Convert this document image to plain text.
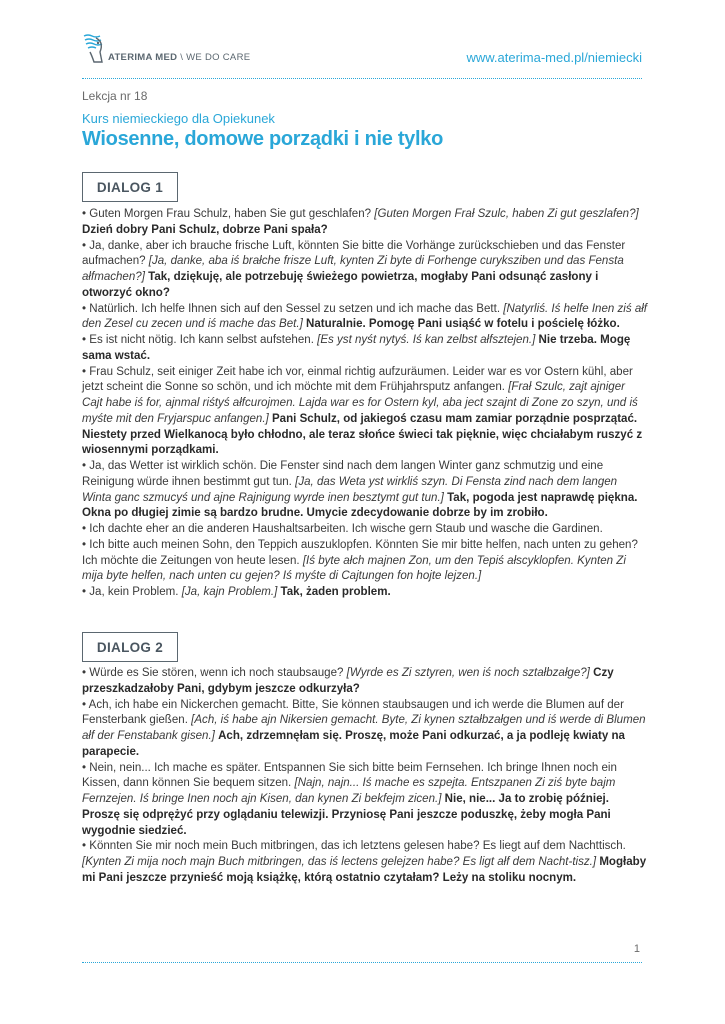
ATERIMA MED \ WE DO CARE	www.aterima-med.pl/niemiecki
Lekcja nr 18
Kurs niemieckiego dla Opiekunek
Wiosenne, domowe porządki i nie tylko
DIALOG 1

• Guten Morgen Frau Schulz, haben Sie gut geschlafen? [Guten Morgen Frał Szulc, haben Zi gut geszlafen?] Dzień dobry Pani Schulz, dobrze Pani spała?

• Ja, danke, aber ich brauche frische Luft, könnten Sie bitte die Vorhänge zurückschieben und das Fenster aufmachen? [Ja, danke, aba iś brałche frisze Luft, kynten Zi byte di Forhenge curyksziben und das Fensta ałfmachen?] Tak, dziękuję, ale potrzebuję świeżego powietrza, mogłaby Pani odsunąć zasłony i otworzyć okno?

• Natürlich. Ich helfe Ihnen sich auf den Sessel zu setzen und ich mache das Bett. [Natyrliś. Iś helfe Inen ziś ałf den Zesel cu zecen und iś mache das Bet.] Naturalnie. Pomogę Pani usiąść w fotelu i pościelę łóżko.

• Es ist nicht nötig. Ich kann selbst aufstehen. [Es yst nyśt nytyś. Iś kan zelbst ałfsztejen.] Nie trzeba. Mogę sama wstać.

• Frau Schulz, seit einiger Zeit habe ich vor, einmal richtig aufzuräumen. Leider war es vor Ostern kühl, aber jetzt scheint die Sonne so schön, und ich möchte mit dem Frühjahrsputz anfangen. [Frał Szulc, zajt ajniger Cajt habe iś for, ajnmal riśtyś ałfcurojmen. Lajda war es for Ostern kyl, aba ject szajnt di Zone zo szyn, und iś myśte mit den Fryjarspuc anfangen.] Pani Schulz, od jakiegoś czasu mam zamiar porządnie posprzątać. Niestety przed Wielkanocą było chłodno, ale teraz słońce świeci tak pięknie, więc chciałabym ruszyć z wiosennymi porządkami.

• Ja, das Wetter ist wirklich schön. Die Fenster sind nach dem langen Winter ganz schmutzig und eine Reinigung würde ihnen bestimmt gut tun. [Ja, das Weta yst wirkliś szyn. Di Fensta zind nach dem langen Winta ganc szmucyś und ajne Rajnigung wyrde inen besztymt gut tun.] Tak, pogoda jest naprawdę piękna. Okna po długiej zimie są bardzo brudne. Umycie zdecydowanie dobrze by im zrobiło.

• Ich dachte eher an die anderen Haushaltsarbeiten. Ich wische gern Staub und wasche die Gardinen.

• Ich bitte auch meinen Sohn, den Teppich auszuklopfen. Könnten Sie mir bitte helfen, nach unten zu gehen? Ich möchte die Zeitungen von heute lesen. [Iś byte ałch majnen Zon, um den Tepiś ałscyklopfen. Kynten Zi mija byte helfen, nach unten cu gejen? Iś myśte di Cajtungen fon hojte lejzen.]

• Ja, kein Problem. [Ja, kajn Problem.] Tak, żaden problem.

DIALOG 2

• Würde es Sie stören, wenn ich noch staubsauge? [Wyrde es Zi sztyren, wen iś noch ształbzałge?] Czy przeszkadzałoby Pani, gdybym jeszcze odkurzyła?

• Ach, ich habe ein Nickerchen gemacht. Bitte, Sie können staubsaugen und ich werde die Blumen auf der Fensterbank gießen. [Ach, iś habe ajn Nikersien gemacht. Byte, Zi kynen ształbzałgen und iś werde di Blumen ałf der Fenstabank gisen.] Ach, zdrzemnęłam się. Proszę, może Pani odkurzać, a ja podleję kwiaty na parapecie.

• Nein, nein... Ich mache es später. Entspannen Sie sich bitte beim Fernsehen. Ich bringe Ihnen noch ein Kissen, dann können Sie bequem sitzen. [Najn, najn... Iś mache es szpejta. Entszpanen Zi ziś byte bajm Fernzejen. Iś bringe Inen noch ajn Kisen, dan kynen Zi bekfejm zicen.] Nie, nie... Ja to zrobię później. Proszę się odprężyć przy oglądaniu telewizji. Przyniosę Pani jeszcze poduszkę, żeby mogła Pani wygodnie siedzieć.

• Könnten Sie mir noch mein Buch mitbringen, das ich letztens gelesen habe? Es liegt auf dem Nachttisch. [Kynten Zi mija noch majn Buch mitbringen, das iś lectens gelejzen habe? Es ligt ałf dem Nacht-tisz.] Mogłaby mi Pani jeszcze przynieść moją książkę, którą ostatnio czytałam? Leży na stoliku nocnym.

1
